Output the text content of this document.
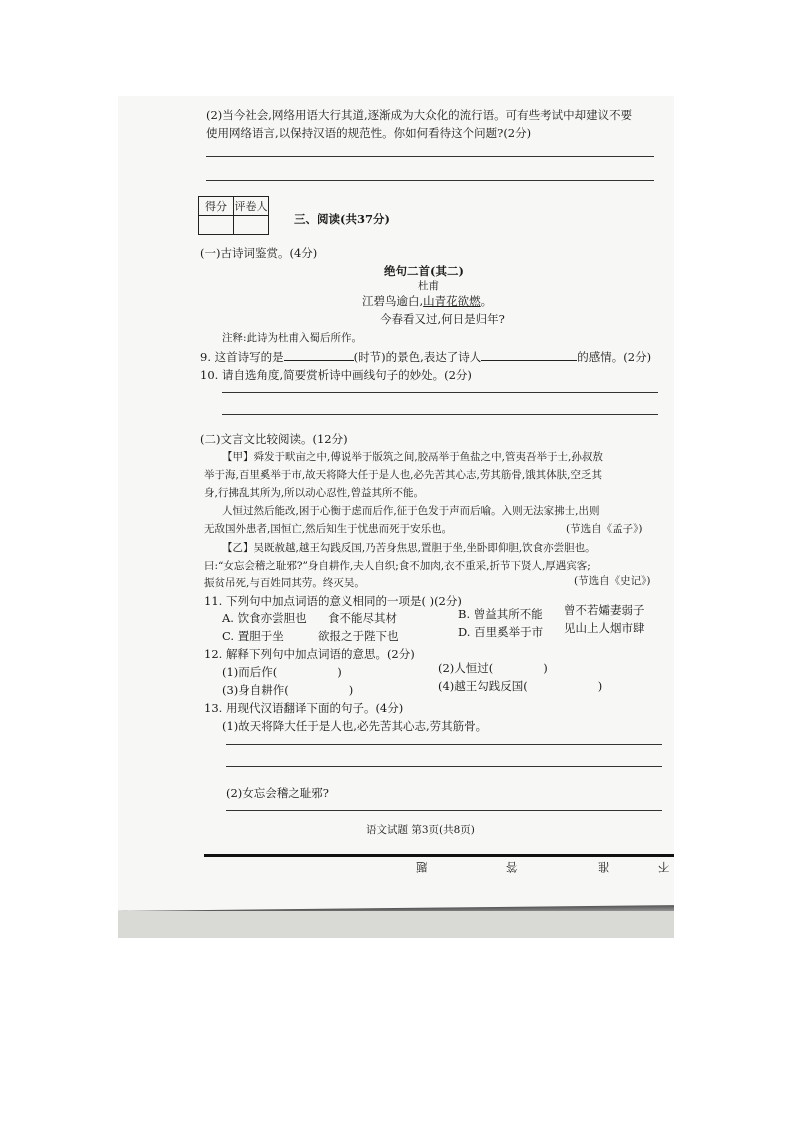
(2)当今社会,网络用语大行其道,逐渐成为大众化的流行语。可有些考试中却建议不要
使用网络语言,以保持汉语的规范性。你如何看待这个问题?(2分)
得分	评卷人

三、阅读(共37分)
(一)古诗词鉴赏。(4分)
绝句二首(其二)
杜甫
江碧鸟逾白,山青花欲燃。
今春看又过,何日是归年?
注释:此诗为杜甫入蜀后所作。
9. 这首诗写的是	(时节)的景色,表达了诗人	的感情。(2分)
10. 请自选角度,简要赏析诗中画线句子的妙处。(2分)
(二)文言文比较阅读。(12分)
【甲】舜发于畎亩之中,傅说举于版筑之间,胶鬲举于鱼盐之中,管夷吾举于士,孙叔敖
举于海,百里奚举于市,故天将降大任于是人也,必先苦其心志,劳其筋骨,饿其体肤,空乏其
身,行拂乱其所为,所以动心忍性,曾益其所不能。
人恒过然后能改,困于心衡于虑而后作,征于色发于声而后喻。入则无法家拂士,出则
无敌国外患者,国恒亡,然后知生于忧患而死于安乐也。	(节选自《孟子》)
【乙】吴既赦越,越王勾践反国,乃苦身焦思,置胆于坐,坐卧即仰胆,饮食亦尝胆也。
曰:“女忘会稽之耻邪?”身自耕作,夫人自织;食不加肉,衣不重采,折节下贤人,厚遇宾客;
振贫吊死,与百姓同其劳。终灭吴。	(节选自《史记》)
11. 下列句中加点词语的意义相同的一项是( )(2分)
A. 饮食亦尝胆也 食不能尽其材	B. 曾益其所不能 曾不若孀妻弱子
C. 置胆于坐	欲报之于陛下也	D. 百里奚举于市 见山上人烟市肆
12. 解释下列句中加点词语的意思。(2分)
(1)而后作(	)	(2)人恒过(	)
(3)身自耕作(	)	(4)越王勾践反国(	)
13. 用现代汉语翻译下面的句子。(4分)
(1)故天将降大任于是人也,必先苦其心志,劳其筋骨。
(2)女忘会稽之耻邪?
语文试题 第3页(共8页)
题	答	准	不
